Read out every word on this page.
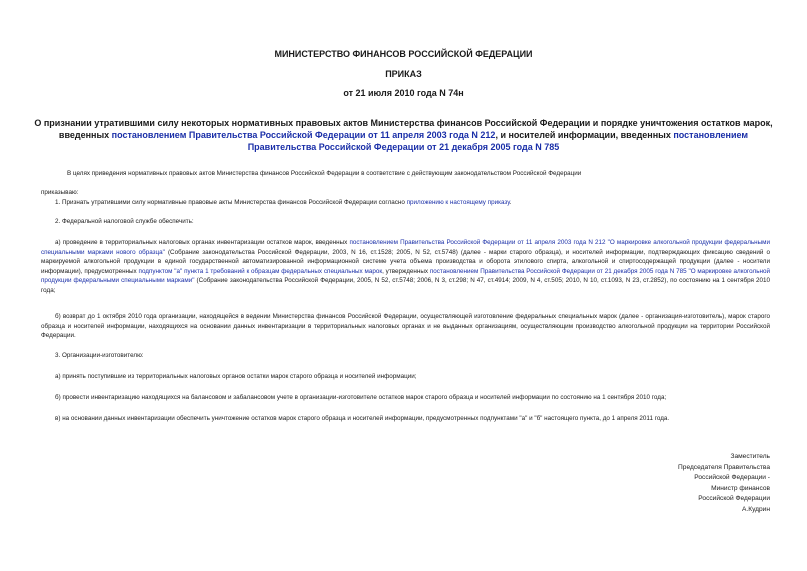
МИНИСТЕРСТВО ФИНАНСОВ РОССИЙСКОЙ ФЕДЕРАЦИИ
ПРИКАЗ
от 21 июля 2010 года N 74н
О признании утратившими силу некоторых нормативных правовых актов Министерства финансов Российской Федерации и порядке уничтожения остатков марок, введенных постановлением Правительства Российской Федерации от 11 апреля 2003 года N 212, и носителей информации, введенных постановлением Правительства Российской Федерации от 21 декабря 2005 года N 785
В целях приведения нормативных правовых актов Министерства финансов Российской Федерации в соответствие с действующим законодательством Российской Федерации
приказываю:
1. Признать утратившими силу нормативные правовые акты Министерства финансов Российской Федерации согласно приложению к настоящему приказу.
2. Федеральной налоговой службе обеспечить:
а) проведение в территориальных налоговых органах инвентаризации остатков марок, введенных постановлением Правительства Российской Федерации от 11 апреля 2003 года N 212 "О маркировке алкогольной продукции федеральными специальными марками нового образца" (Собрание законодательства Российской Федерации, 2003, N 16, ст.1528; 2005, N 52, ст.5748) (далее - марки старого образца), и носителей информации, подтверждающих фиксацию сведений о маркируемой алкогольной продукции в единой государственной автоматизированной информационной системе учета объема производства и оборота этилового спирта, алкогольной и спиртосодержащей продукции (далее - носители информации), предусмотренных подпунктом "а" пункта 1 требований к образцам федеральных специальных марок, утвержденных постановлением Правительства Российской Федерации от 21 декабря 2005 года N 785 "О маркировке алкогольной продукции федеральными специальными марками" (Собрание законодательства Российской Федерации, 2005, N 52, ст.5748; 2006, N 3, ст.298; N 47, ст.4914; 2009, N 4, ст.505; 2010, N 10, ст.1093, N 23, ст.2852), по состоянию на 1 сентября 2010 года;
б) возврат до 1 октября 2010 года организации, находящейся в ведении Министерства финансов Российской Федерации, осуществляющей изготовление федеральных специальных марок (далее - организация-изготовитель), марок старого образца и носителей информации, находящихся на основании данных инвентаризации в территориальных налоговых органах и не выданных организациям, осуществляющим производство алкогольной продукции на территории Российской Федерации.
3. Организации-изготовителю:
а) принять поступившие из территориальных налоговых органов остатки марок старого образца и носителей информации;
б) провести инвентаризацию находящихся на балансовом и забалансовом учете в организации-изготовителе остатков марок старого образца и носителей информации по состоянию на 1 сентября 2010 года;
в) на основании данных инвентаризации обеспечить уничтожение остатков марок старого образца и носителей информации, предусмотренных подпунктами "а" и "б" настоящего пункта, до 1 апреля 2011 года.
Заместитель
Председателя Правительства
Российской Федерации -
Министр финансов
Российской Федерации
А.Кудрин
